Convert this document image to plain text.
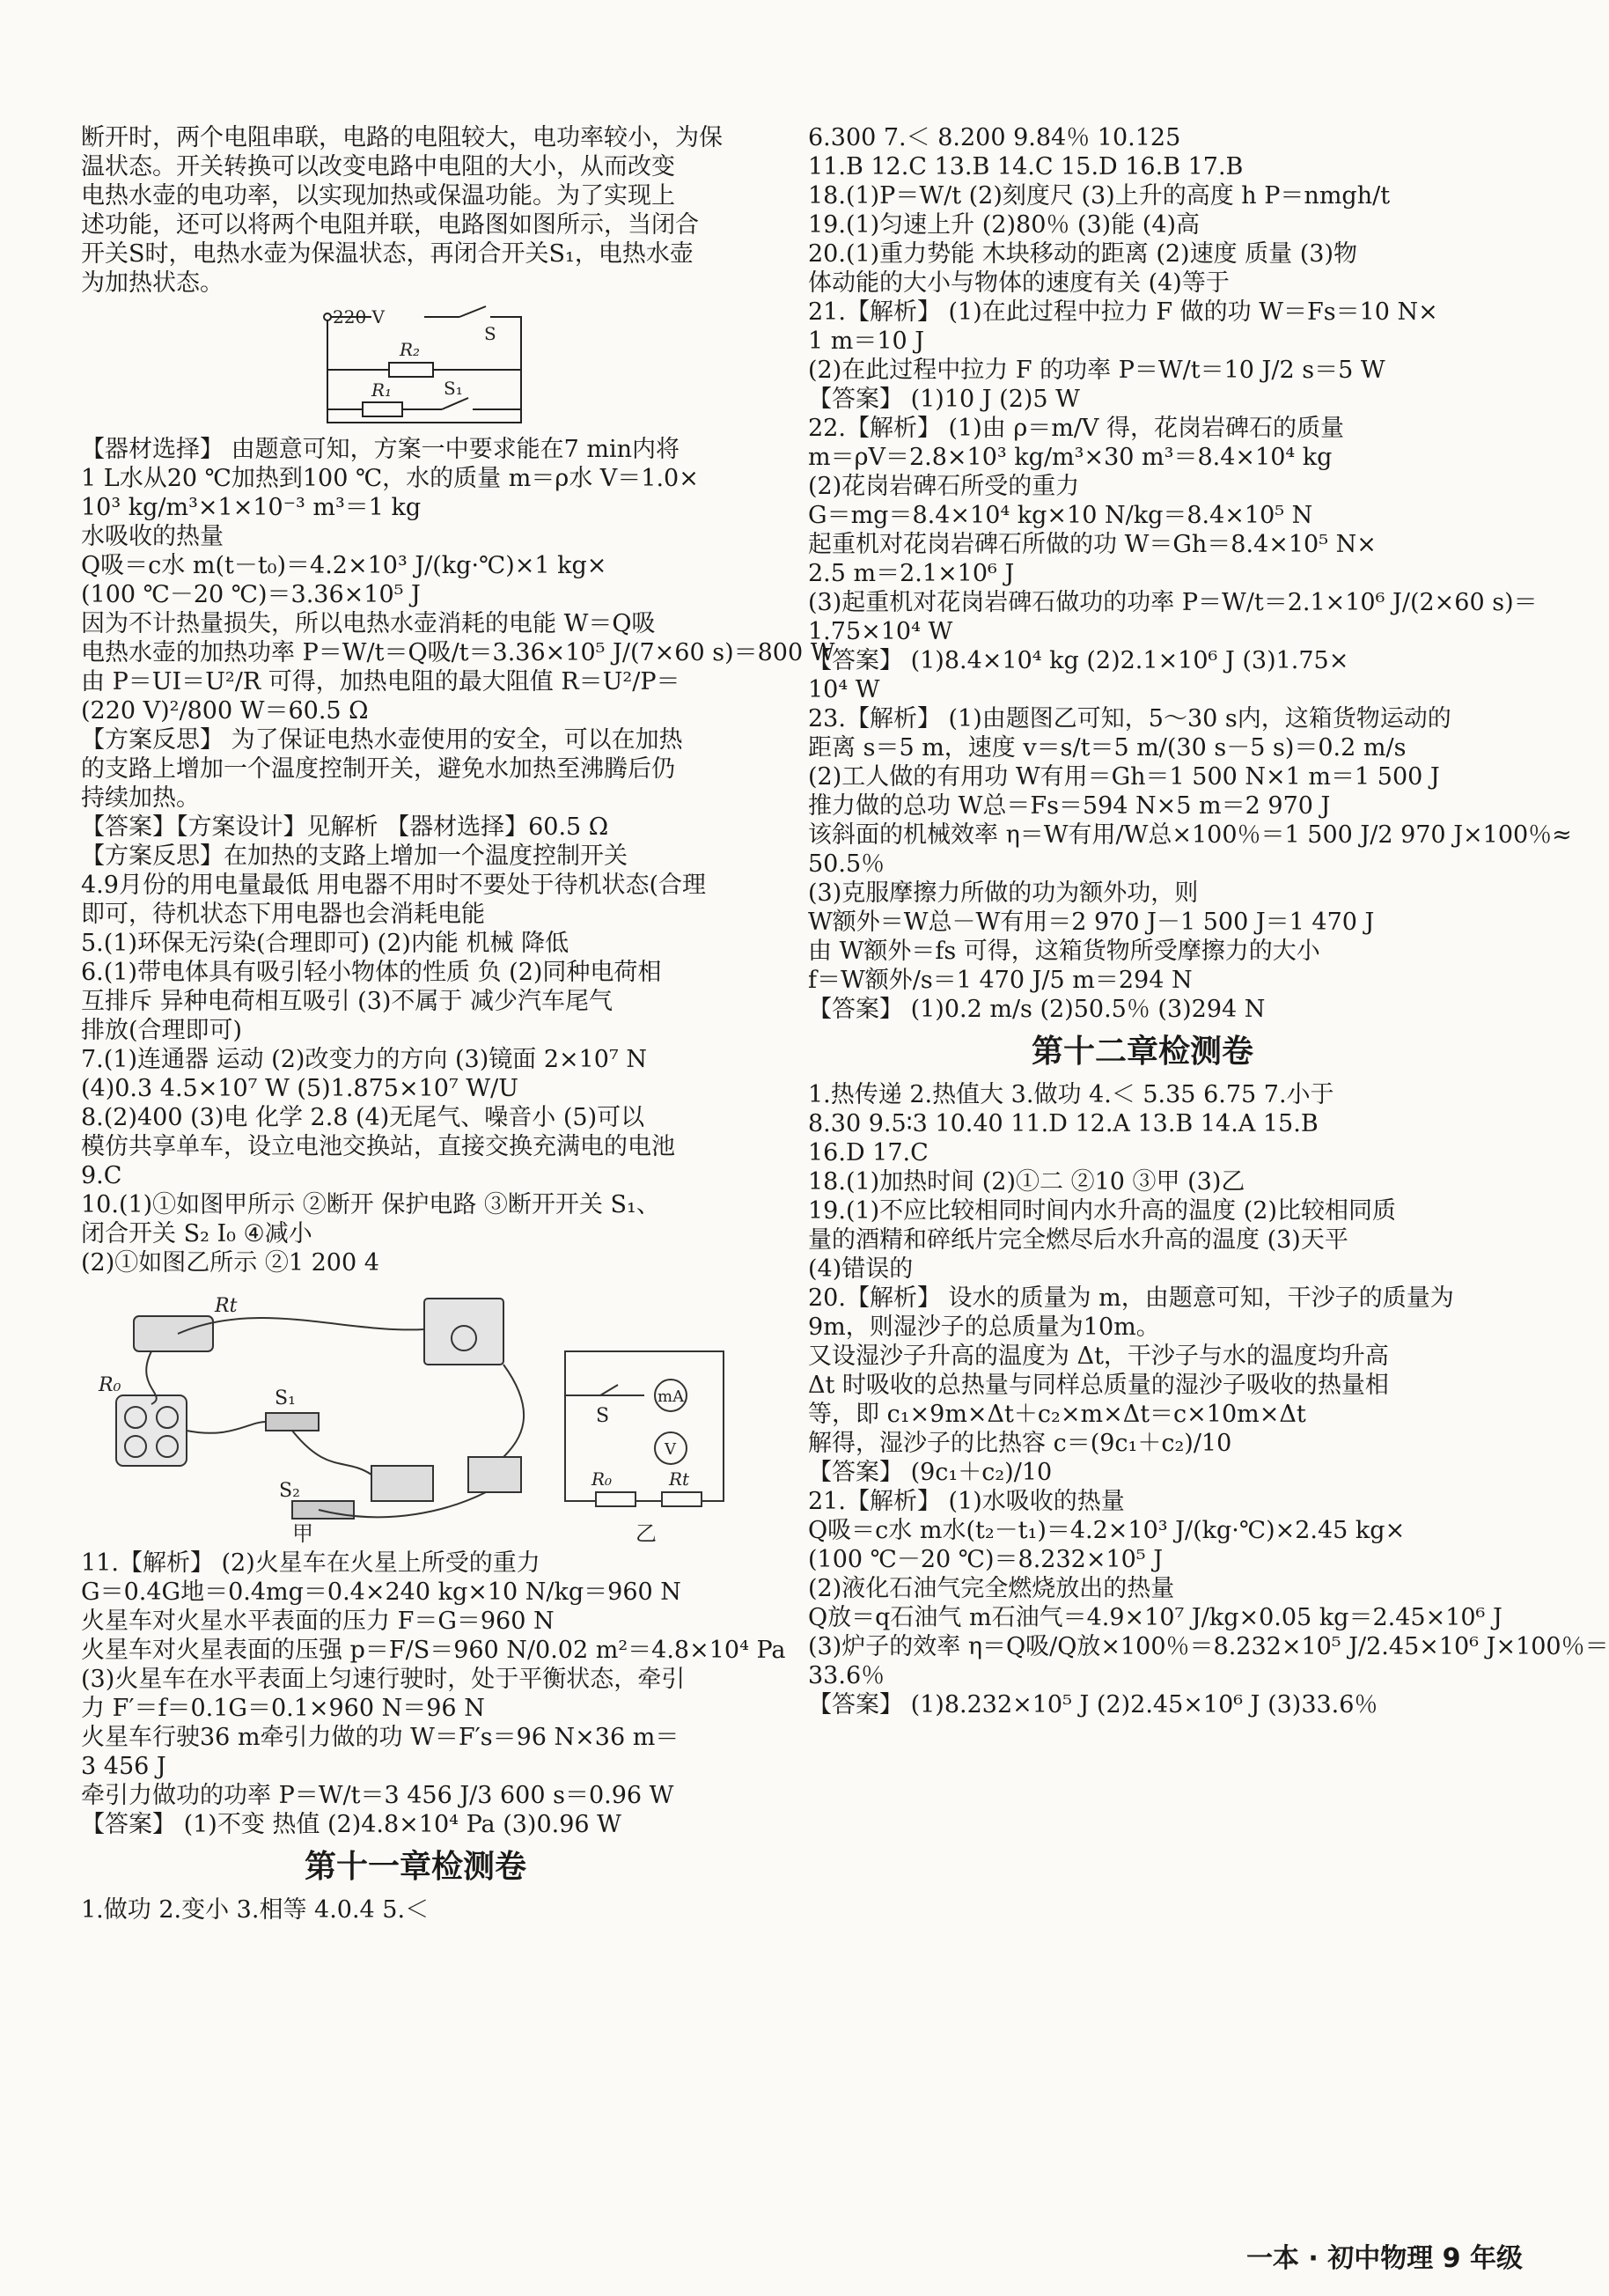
断开时，两个电阻串联，电路的电阻较大，电功率较小，为保
温状态。开关转换可以改变电路中电阻的大小，从而改变
电热水壶的电功率，以实现加热或保温功能。为了实现上
述功能，还可以将两个电阻并联，电路图如图所示，当闭合
开关S时，电热水壶为保温状态，再闭合开关S₁，电热水壶
为加热状态。
220 V
S
R₂
R₁	S₁
【器材选择】 由题意可知，方案一中要求能在7 min内将
1 L水从20 ℃加热到100 ℃，水的质量 m＝ρ水 V＝1.0×
10³ kg/m³×1×10⁻³ m³＝1 kg
水吸收的热量
Q吸＝c水 m(t－t₀)＝4.2×10³ J/(kg·℃)×1 kg×
(100 ℃－20 ℃)＝3.36×10⁵ J
因为不计热量损失，所以电热水壶消耗的电能 W＝Q吸
电热水壶的加热功率 P＝W/t＝Q吸/t＝3.36×10⁵ J/(7×60 s)＝800 W
由 P＝UI＝U²/R 可得，加热电阻的最大阻值 R＝U²/P＝
(220 V)²/800 W＝60.5 Ω
【方案反思】 为了保证电热水壶使用的安全，可以在加热
的支路上增加一个温度控制开关，避免水加热至沸腾后仍
持续加热。
【答案】【方案设计】见解析 【器材选择】60.5 Ω
【方案反思】在加热的支路上增加一个温度控制开关
4.9月份的用电量最低 用电器不用时不要处于待机状态(合理
即可，待机状态下用电器也会消耗电能
5.(1)环保无污染(合理即可) (2)内能 机械 降低
6.(1)带电体具有吸引轻小物体的性质 负 (2)同种电荷相
互排斥 异种电荷相互吸引 (3)不属于 减少汽车尾气
排放(合理即可)
7.(1)连通器 运动 (2)改变力的方向 (3)镜面 2×10⁷ N
(4)0.3 4.5×10⁷ W (5)1.875×10⁷ W/U
8.(2)400 (3)电 化学 2.8 (4)无尾气、噪音小 (5)可以
模仿共享单车，设立电池交换站，直接交换充满电的电池
9.C
10.(1)①如图甲所示 ②断开 保护电路 ③断开开关 S₁、
闭合开关 S₂ I₀ ④减小
(2)①如图乙所示 ②1 200 4
Rt
R₀
S₁
S₂
S
mA
V
R₀	Rt
甲	乙
11.【解析】 (2)火星车在火星上所受的重力
G＝0.4G地＝0.4mg＝0.4×240 kg×10 N/kg＝960 N
火星车对火星水平表面的压力 F＝G＝960 N
火星车对火星表面的压强 p＝F/S＝960 N/0.02 m²＝4.8×10⁴ Pa
(3)火星车在水平表面上匀速行驶时，处于平衡状态，牵引
力 F′＝f＝0.1G＝0.1×960 N＝96 N
火星车行驶36 m牵引力做的功 W＝F′s＝96 N×36 m＝
3 456 J
牵引力做功的功率 P＝W/t＝3 456 J/3 600 s＝0.96 W
【答案】 (1)不变 热值 (2)4.8×10⁴ Pa (3)0.96 W
第十一章检测卷
1.做功 2.变小 3.相等 4.0.4 5.＜
6.300 7.＜ 8.200 9.84％ 10.125
11.B 12.C 13.B 14.C 15.D 16.B 17.B
18.(1)P＝W/t (2)刻度尺 (3)上升的高度 h P＝nmgh/t
19.(1)匀速上升 (2)80％ (3)能 (4)高
20.(1)重力势能 木块移动的距离 (2)速度 质量 (3)物
体动能的大小与物体的速度有关 (4)等于
21.【解析】 (1)在此过程中拉力 F 做的功 W＝Fs＝10 N×
1 m＝10 J
(2)在此过程中拉力 F 的功率 P＝W/t＝10 J/2 s＝5 W
【答案】 (1)10 J (2)5 W
22.【解析】 (1)由 ρ＝m/V 得，花岗岩碑石的质量
m＝ρV＝2.8×10³ kg/m³×30 m³＝8.4×10⁴ kg
(2)花岗岩碑石所受的重力
G＝mg＝8.4×10⁴ kg×10 N/kg＝8.4×10⁵ N
起重机对花岗岩碑石所做的功 W＝Gh＝8.4×10⁵ N×
2.5 m＝2.1×10⁶ J
(3)起重机对花岗岩碑石做功的功率 P＝W/t＝2.1×10⁶ J/(2×60 s)＝
1.75×10⁴ W
【答案】 (1)8.4×10⁴ kg (2)2.1×10⁶ J (3)1.75×
10⁴ W
23.【解析】 (1)由题图乙可知，5～30 s内，这箱货物运动的
距离 s＝5 m，速度 v＝s/t＝5 m/(30 s－5 s)＝0.2 m/s
(2)工人做的有用功 W有用＝Gh＝1 500 N×1 m＝1 500 J
推力做的总功 W总＝Fs＝594 N×5 m＝2 970 J
该斜面的机械效率 η＝W有用/W总×100％＝1 500 J/2 970 J×100％≈
50.5％
(3)克服摩擦力所做的功为额外功，则
W额外＝W总－W有用＝2 970 J－1 500 J＝1 470 J
由 W额外＝fs 可得，这箱货物所受摩擦力的大小
f＝W额外/s＝1 470 J/5 m＝294 N
【答案】 (1)0.2 m/s (2)50.5％ (3)294 N
第十二章检测卷
1.热传递 2.热值大 3.做功 4.＜ 5.35 6.75 7.小于
8.30 9.5∶3 10.40 11.D 12.A 13.B 14.A 15.B
16.D 17.C
18.(1)加热时间 (2)①二 ②10 ③甲 (3)乙
19.(1)不应比较相同时间内水升高的温度 (2)比较相同质
量的酒精和碎纸片完全燃尽后水升高的温度 (3)天平
(4)错误的
20.【解析】 设水的质量为 m，由题意可知，干沙子的质量为
9m，则湿沙子的总质量为10m。
又设湿沙子升高的温度为 Δt，干沙子与水的温度均升高
Δt 时吸收的总热量与同样总质量的湿沙子吸收的热量相
等，即 c₁×9m×Δt＋c₂×m×Δt＝c×10m×Δt
解得，湿沙子的比热容 c＝(9c₁＋c₂)/10
【答案】 (9c₁＋c₂)/10
21.【解析】 (1)水吸收的热量
Q吸＝c水 m水(t₂－t₁)＝4.2×10³ J/(kg·℃)×2.45 kg×
(100 ℃－20 ℃)＝8.232×10⁵ J
(2)液化石油气完全燃烧放出的热量
Q放＝q石油气 m石油气＝4.9×10⁷ J/kg×0.05 kg＝2.45×10⁶ J
(3)炉子的效率 η＝Q吸/Q放×100％＝8.232×10⁵ J/2.45×10⁶ J×100％＝
33.6％
【答案】 (1)8.232×10⁵ J (2)2.45×10⁶ J (3)33.6％
一本 · 初中物理 9 年级
